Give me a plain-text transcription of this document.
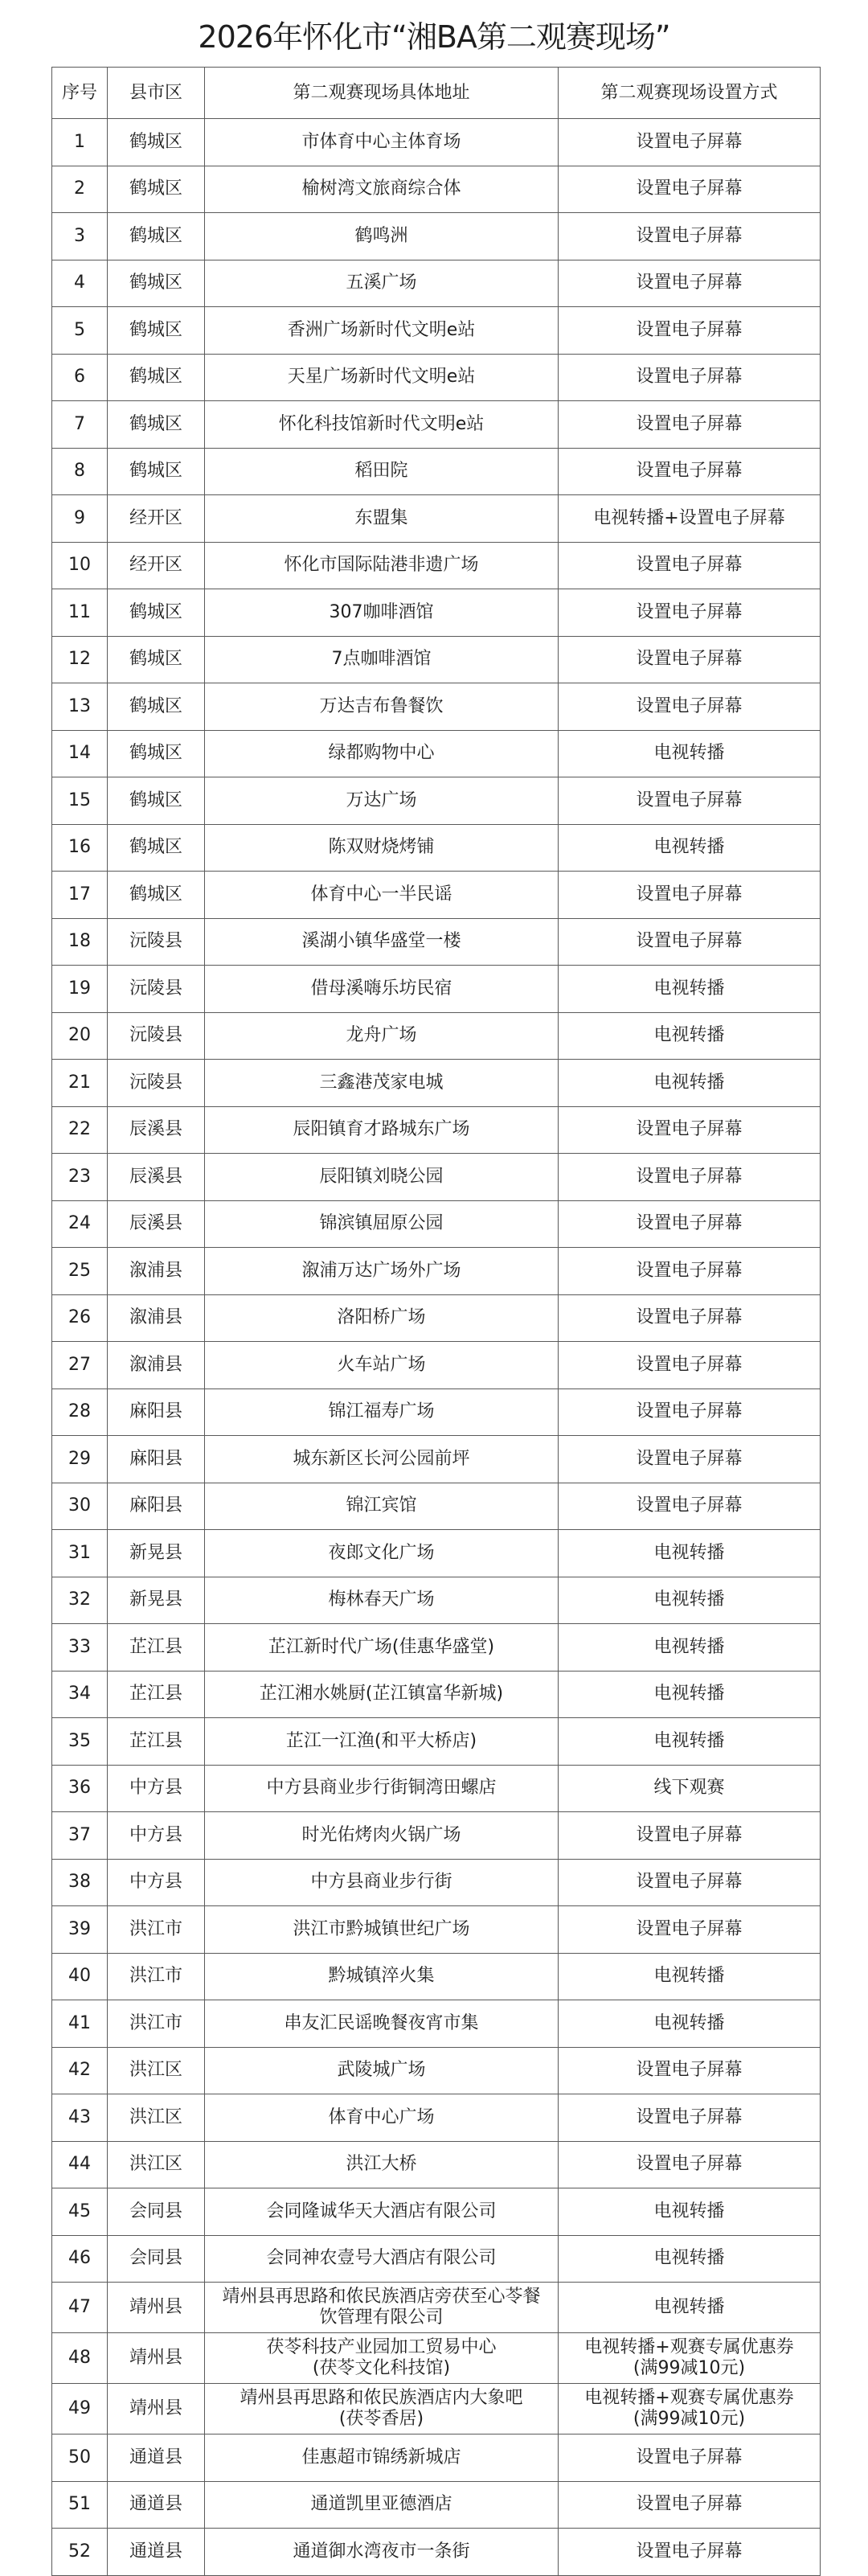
2026年怀化市“湘BA第二观赛现场”
序号	县市区	第二观赛现场具体地址	第二观赛现场设置方式
1	鹤城区	市体育中心主体育场	设置电子屏幕
2	鹤城区	榆树湾文旅商综合体	设置电子屏幕
3	鹤城区	鹤鸣洲	设置电子屏幕
4	鹤城区	五溪广场	设置电子屏幕
5	鹤城区	香洲广场新时代文明e站	设置电子屏幕
6	鹤城区	天星广场新时代文明e站	设置电子屏幕
7	鹤城区	怀化科技馆新时代文明e站	设置电子屏幕
8	鹤城区	稻田院	设置电子屏幕
9	经开区	东盟集	电视转播+设置电子屏幕
10	经开区	怀化市国际陆港非遗广场	设置电子屏幕
11	鹤城区	307咖啡酒馆	设置电子屏幕
12	鹤城区	7点咖啡酒馆	设置电子屏幕
13	鹤城区	万达吉布鲁餐饮	设置电子屏幕
14	鹤城区	绿都购物中心	电视转播
15	鹤城区	万达广场	设置电子屏幕
16	鹤城区	陈双财烧烤铺	电视转播
17	鹤城区	体育中心一半民谣	设置电子屏幕
18	沅陵县	溪湖小镇华盛堂一楼	设置电子屏幕
19	沅陵县	借母溪嗨乐坊民宿	电视转播
20	沅陵县	龙舟广场	电视转播
21	沅陵县	三鑫港茂家电城	电视转播
22	辰溪县	辰阳镇育才路城东广场	设置电子屏幕
23	辰溪县	辰阳镇刘晓公园	设置电子屏幕
24	辰溪县	锦滨镇屈原公园	设置电子屏幕
25	溆浦县	溆浦万达广场外广场	设置电子屏幕
26	溆浦县	洛阳桥广场	设置电子屏幕
27	溆浦县	火车站广场	设置电子屏幕
28	麻阳县	锦江福寿广场	设置电子屏幕
29	麻阳县	城东新区长河公园前坪	设置电子屏幕
30	麻阳县	锦江宾馆	设置电子屏幕
31	新晃县	夜郎文化广场	电视转播
32	新晃县	梅林春天广场	电视转播
33	芷江县	芷江新时代广场(佳惠华盛堂)	电视转播
34	芷江县	芷江湘水姚厨(芷江镇富华新城)	电视转播
35	芷江县	芷江一江渔(和平大桥店)	电视转播
36	中方县	中方县商业步行街铜湾田螺店	线下观赛
37	中方县	时光佑烤肉火锅广场	设置电子屏幕
38	中方县	中方县商业步行街	设置电子屏幕
39	洪江市	洪江市黔城镇世纪广场	设置电子屏幕
40	洪江市	黔城镇淬火集	电视转播
41	洪江市	串友汇民谣晚餐夜宵市集	电视转播
42	洪江区	武陵城广场	设置电子屏幕
43	洪江区	体育中心广场	设置电子屏幕
44	洪江区	洪江大桥	设置电子屏幕
45	会同县	会同隆诚华天大酒店有限公司	电视转播
46	会同县	会同神农壹号大酒店有限公司	电视转播
47	靖州县	靖州县再思路和侬民族酒店旁茯至心苓餐
饮管理有限公司	电视转播
48	靖州县	茯苓科技产业园加工贸易中心
(茯苓文化科技馆)	电视转播+观赛专属优惠券
(满99减10元)

49	靖州县	靖州县再思路和侬民族酒店内大象吧
(茯苓香居)	电视转播+观赛专属优惠券
(满99减10元)

50	通道县	佳惠超市锦绣新城店	设置电子屏幕
51	通道县	通道凯里亚德酒店	设置电子屏幕
52	通道县	通道御水湾夜市一条街	设置电子屏幕
